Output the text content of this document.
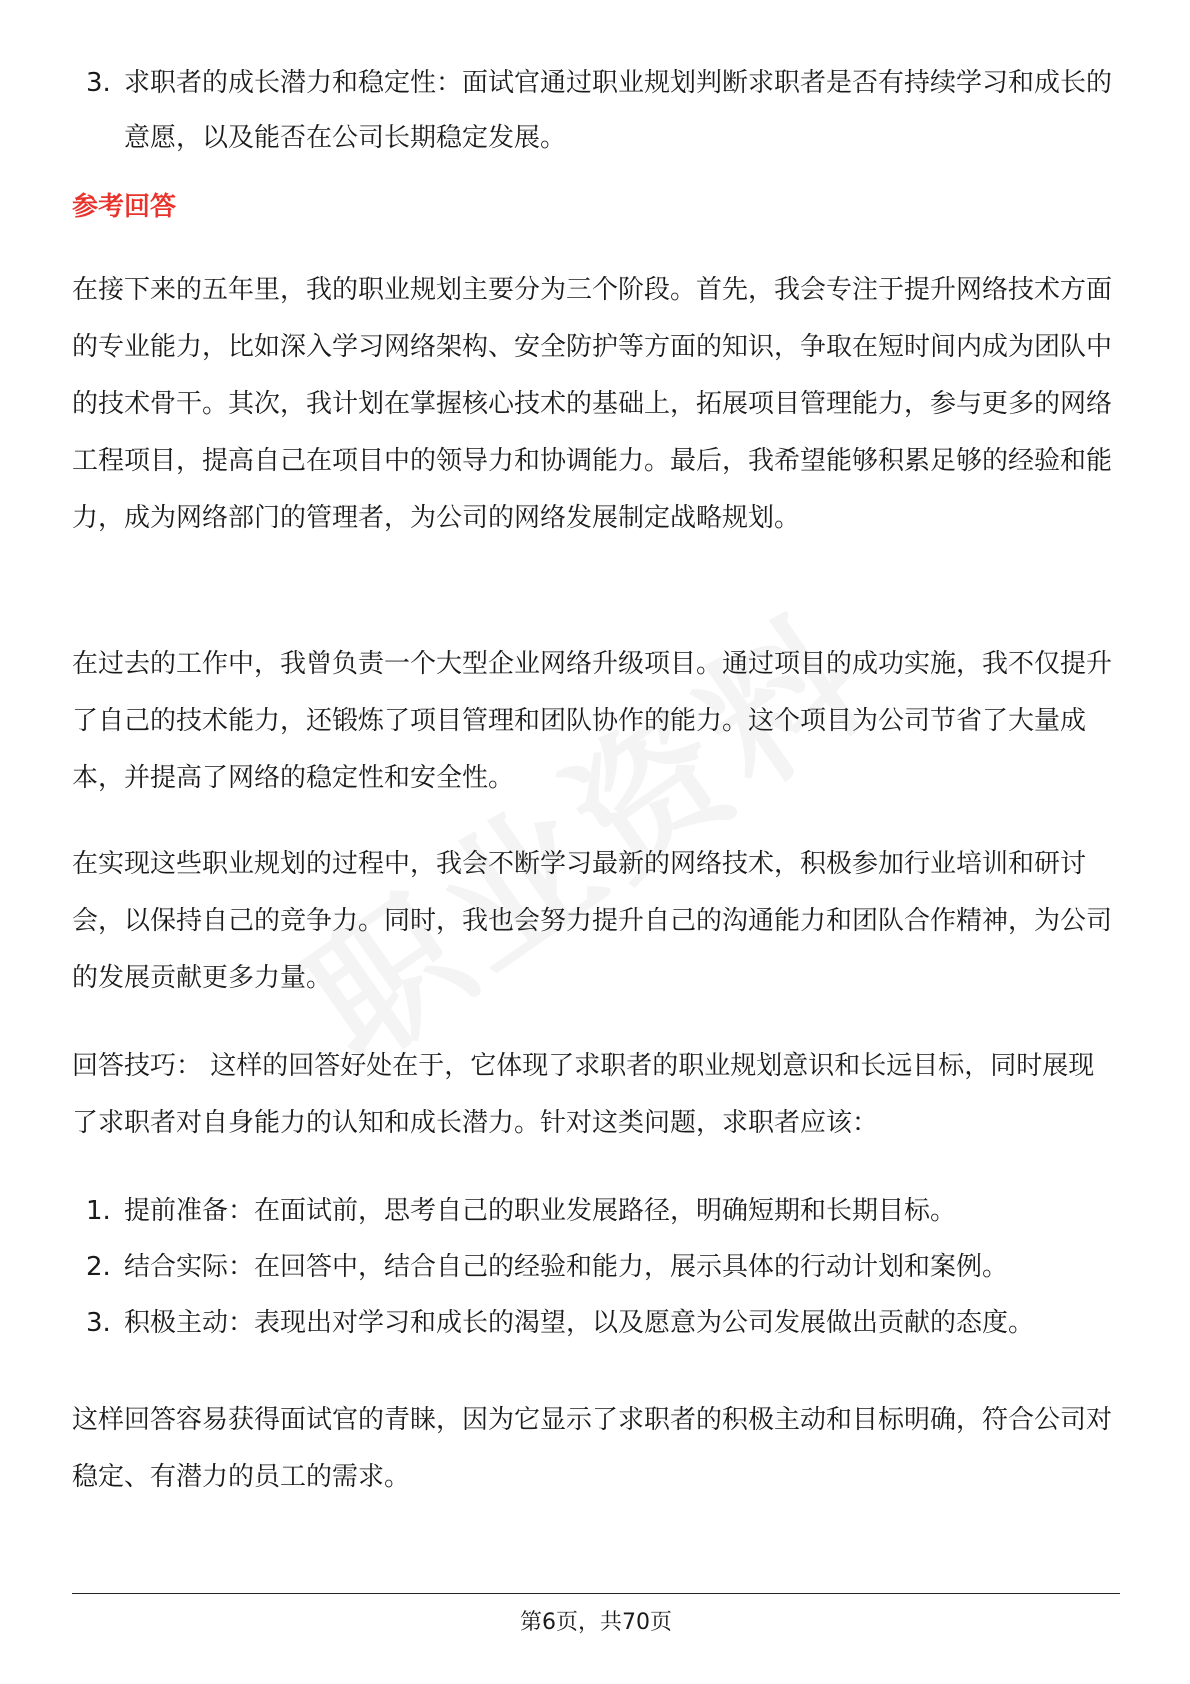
3. 求职者的成长潜力和稳定性：面试官通过职业规划判断求职者是否有持续学习和成长的意愿，以及能否在公司长期稳定发展。
参考回答

在接下来的五年里，我的职业规划主要分为三个阶段。首先，我会专注于提升网络技术方面的专业能力，比如深入学习网络架构、安全防护等方面的知识，争取在短时间内成为团队中的技术骨干。其次，我计划在掌握核心技术的基础上，拓展项目管理能力，参与更多的网络工程项目，提高自己在项目中的领导力和协调能力。最后，我希望能够积累足够的经验和能力，成为网络部门的管理者，为公司的网络发展制定战略规划。

在过去的工作中，我曾负责一个大型企业网络升级项目。通过项目的成功实施，我不仅提升了自己的技术能力，还锻炼了项目管理和团队协作的能力。这个项目为公司节省了大量成本，并提高了网络的稳定性和安全性。

在实现这些职业规划的过程中，我会不断学习最新的网络技术，积极参加行业培训和研讨会，以保持自己的竞争力。同时，我也会努力提升自己的沟通能力和团队合作精神，为公司的发展贡献更多力量。

回答技巧： 这样的回答好处在于，它体现了求职者的职业规划意识和长远目标，同时展现了求职者对自身能力的认知和成长潜力。针对这类问题，求职者应该：

1. 提前准备：在面试前，思考自己的职业发展路径，明确短期和长期目标。
2. 结合实际：在回答中，结合自己的经验和能力，展示具体的行动计划和案例。
3. 积极主动：表现出对学习和成长的渴望，以及愿意为公司发展做出贡献的态度。

这样回答容易获得面试官的青睐，因为它显示了求职者的积极主动和目标明确，符合公司对稳定、有潜力的员工的需求。

第6页，共70页
